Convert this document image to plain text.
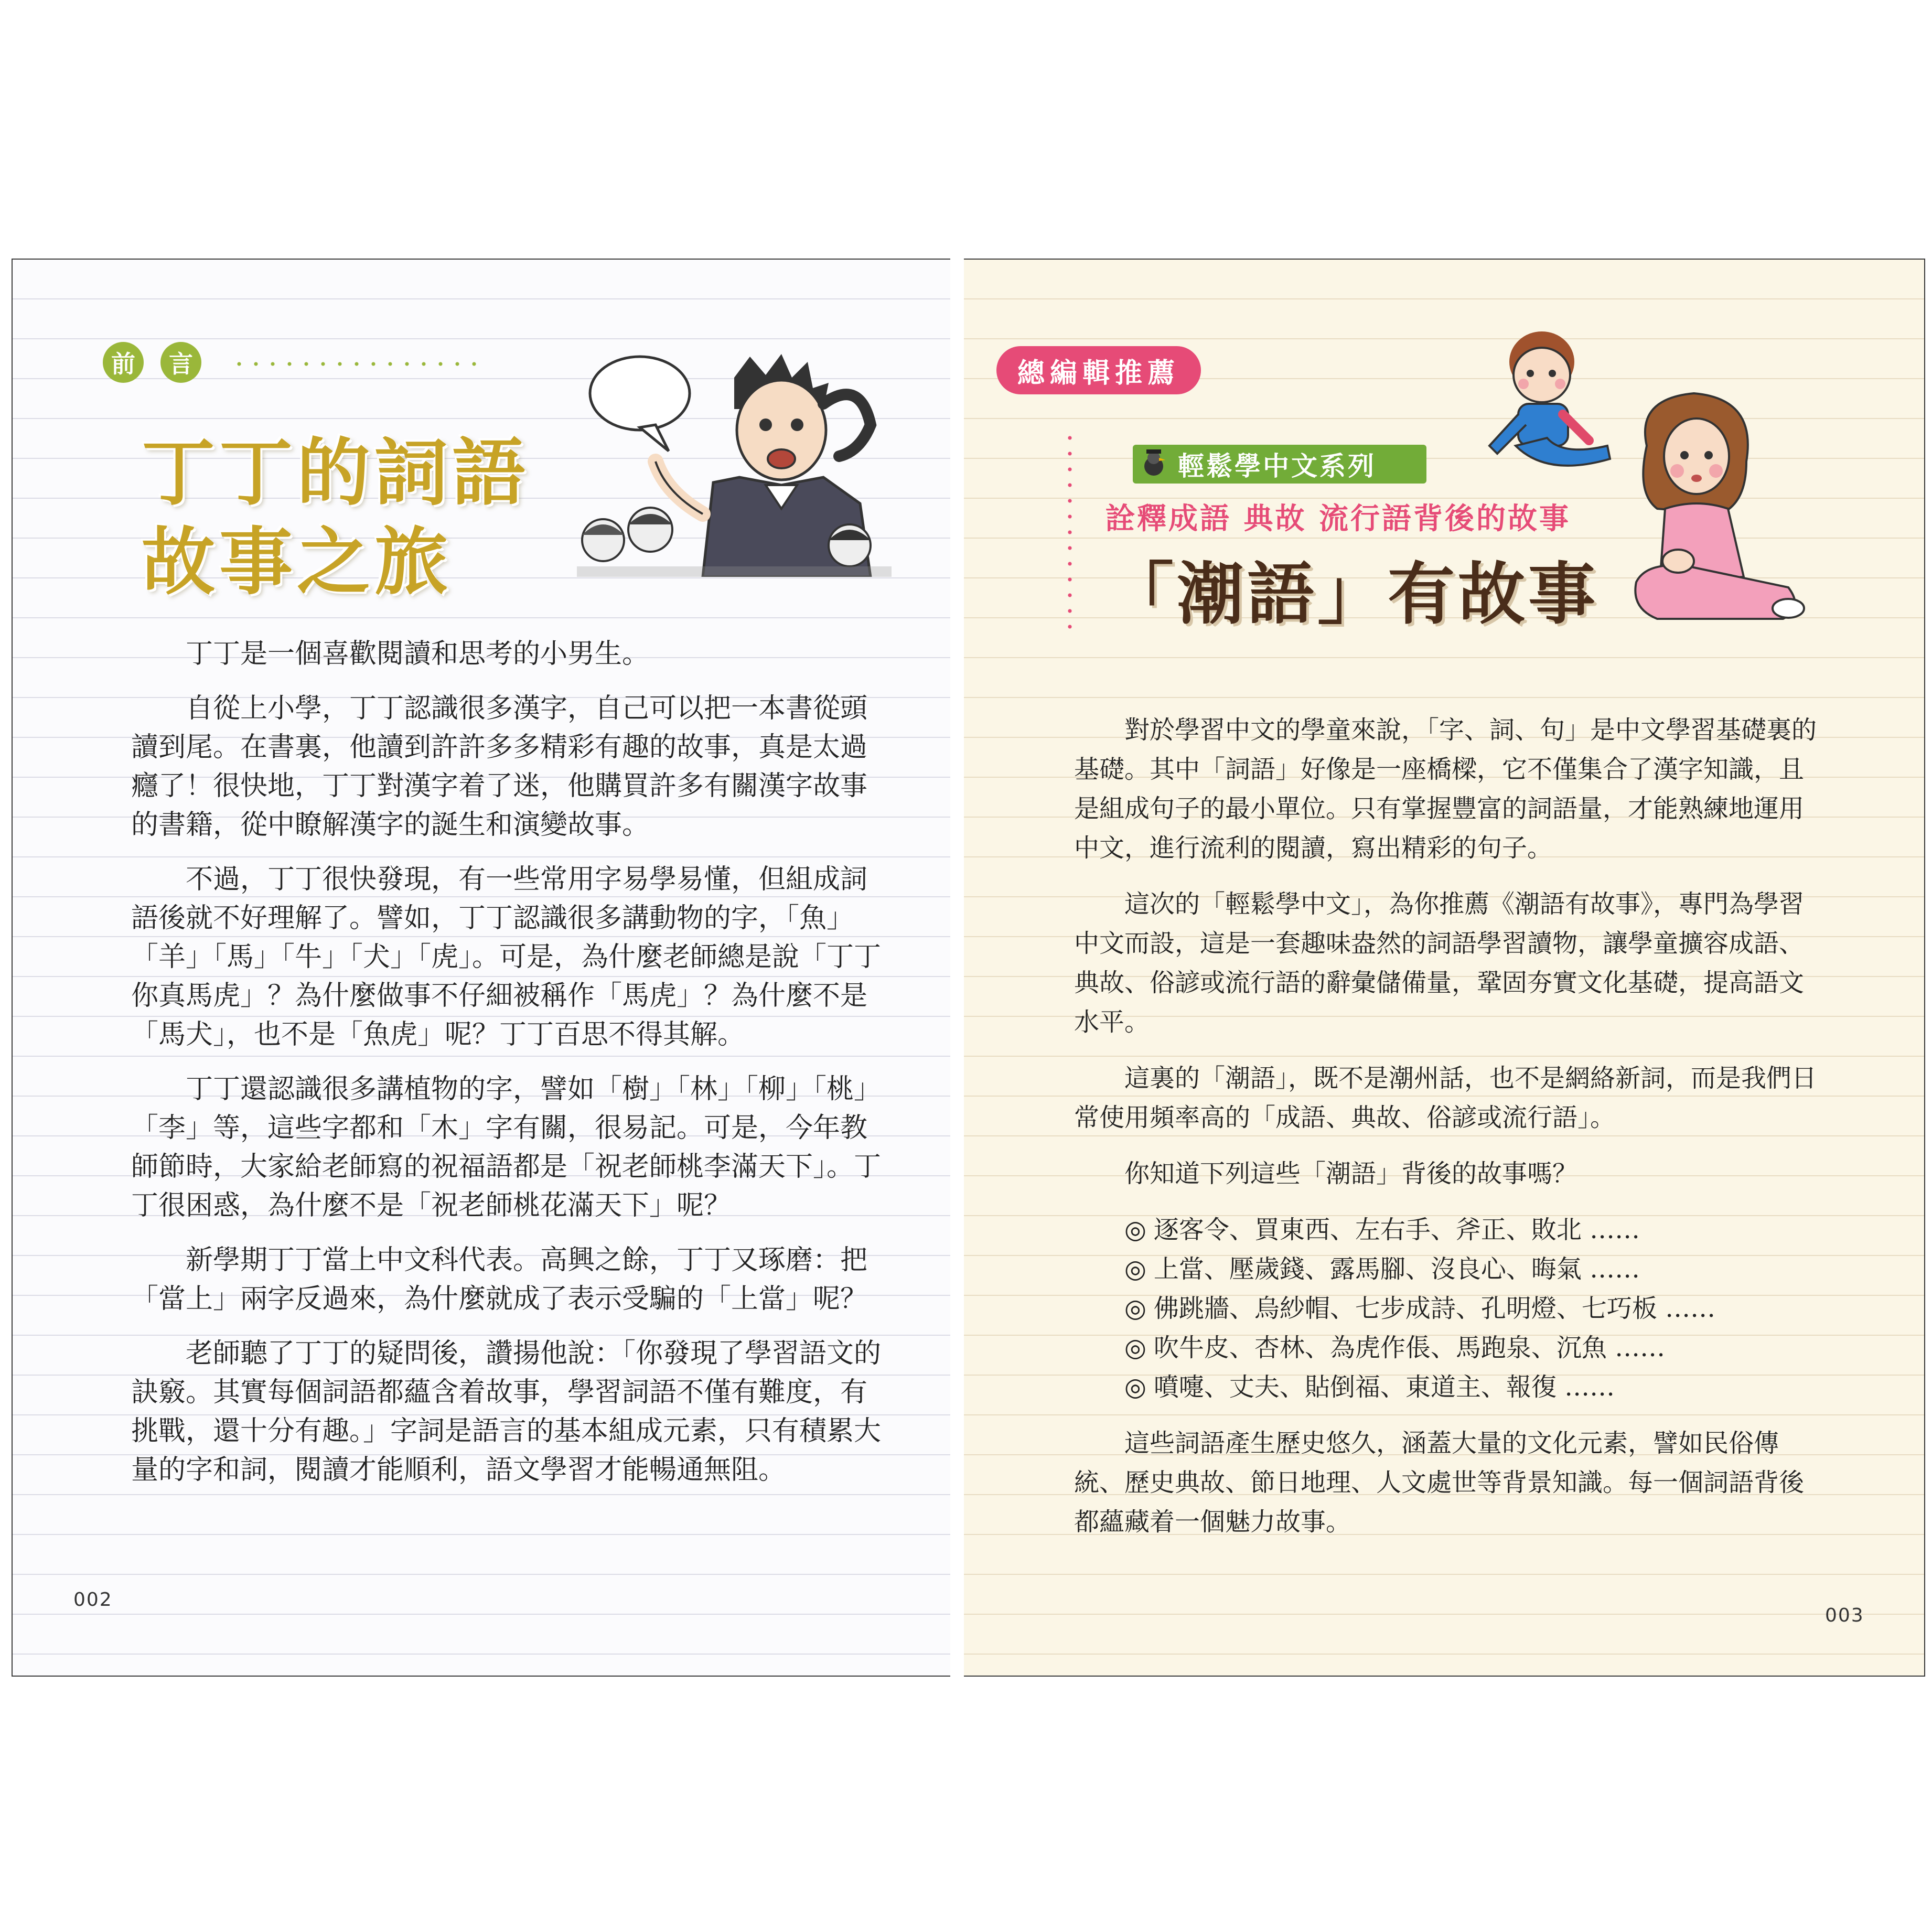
前	言
丁丁的詞語
故事之旅

丁丁是一個喜歡閱讀和思考的小男生。

自從上小學，丁丁認識很多漢字，自己可以把一本書從頭讀到尾。在書裏，他讀到許許多多精彩有趣的故事，真是太過癮了！很快地，丁丁對漢字着了迷，他購買許多有關漢字故事的書籍，從中瞭解漢字的誕生和演變故事。

不過，丁丁很快發現，有一些常用字易學易懂，但組成詞語後就不好理解了。譬如，丁丁認識很多講動物的字，「魚」「羊」「馬」「牛」「犬」「虎」。可是，為什麼老師總是說「丁丁你真馬虎」？為什麼做事不仔細被稱作「馬虎」？為什麼不是「馬犬」，也不是「魚虎」呢？丁丁百思不得其解。

丁丁還認識很多講植物的字，譬如「樹」「林」「柳」「桃」「李」等，這些字都和「木」字有關，很易記。可是，今年教師節時，大家給老師寫的祝福語都是「祝老師桃李滿天下」。丁丁很困惑，為什麼不是「祝老師桃花滿天下」呢？

新學期丁丁當上中文科代表。高興之餘，丁丁又琢磨：把「當上」兩字反過來，為什麼就成了表示受騙的「上當」呢？

老師聽了丁丁的疑問後，讚揚他說：「你發現了學習語文的訣竅。其實每個詞語都蘊含着故事，學習詞語不僅有難度，有挑戰，還十分有趣。」字詞是語言的基本組成元素，只有積累大量的字和詞，閱讀才能順利，語文學習才能暢通無阻。

002
總編輯推薦
輕鬆學中文系列
詮釋成語 典故 流行語背後的故事
「潮語」有故事

對於學習中文的學童來說，「字、詞、句」是中文學習基礎裏的基礎。其中「詞語」好像是一座橋樑，它不僅集合了漢字知識，且是組成句子的最小單位。只有掌握豐富的詞語量，才能熟練地運用中文，進行流利的閱讀，寫出精彩的句子。

這次的「輕鬆學中文」，為你推薦《潮語有故事》，專門為學習中文而設，這是一套趣味盎然的詞語學習讀物，讓學童擴容成語、典故、俗諺或流行語的辭彙儲備量，鞏固夯實文化基礎，提高語文水平。

這裏的「潮語」，既不是潮州話，也不是網絡新詞，而是我們日常使用頻率高的「成語、典故、俗諺或流行語」。

你知道下列這些「潮語」背後的故事嗎？

◎ 逐客令、買東西、左右手、斧正、敗北 ……
◎ 上當、壓歲錢、露馬腳、沒良心、晦氣 ……
◎ 佛跳牆、烏紗帽、七步成詩、孔明燈、七巧板 ……
◎ 吹牛皮、杏林、為虎作倀、馬跑泉、沉魚 ……
◎ 噴嚏、丈夫、貼倒福、東道主、報復 ……

這些詞語產生歷史悠久，涵蓋大量的文化元素，譬如民俗傳統、歷史典故、節日地理、人文處世等背景知識。每一個詞語背後都蘊藏着一個魅力故事。

003
